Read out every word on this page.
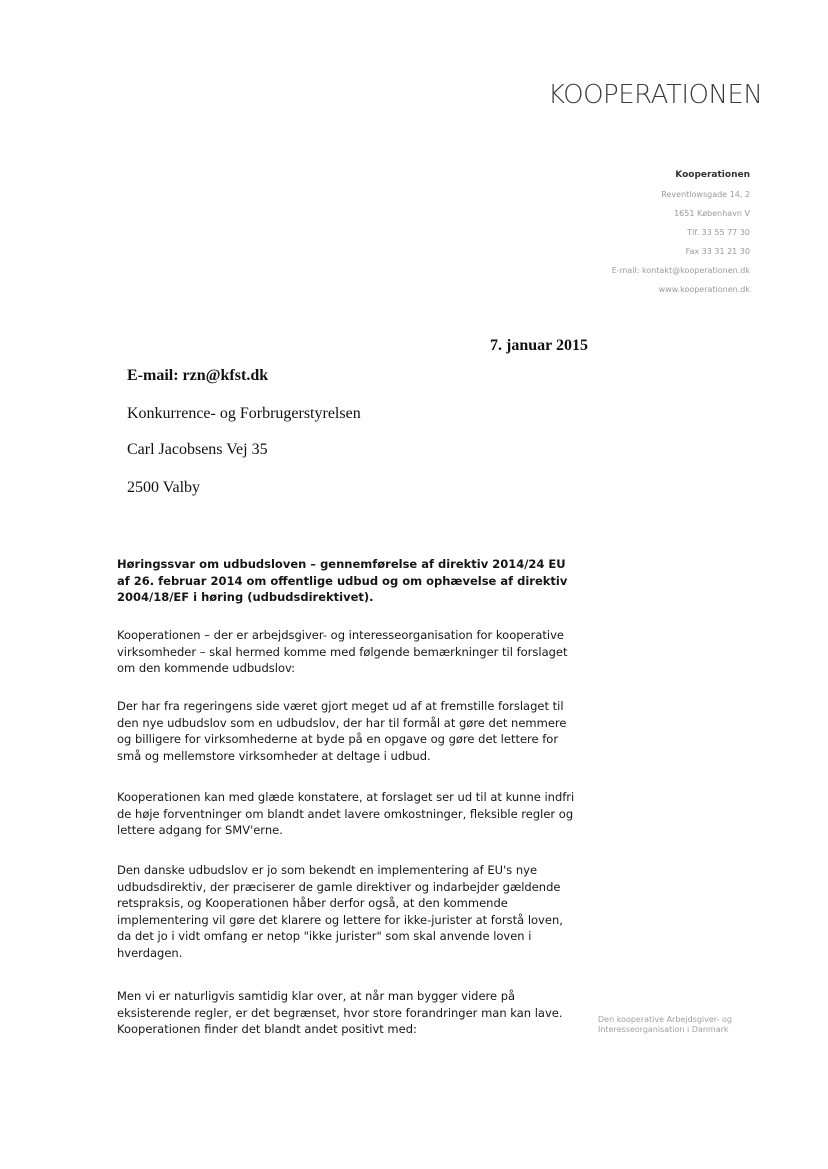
KOOPERATIONEN
Kooperationen
Reventlowsgade 14, 2
1651 København V
Tlf. 33 55 77 30
Fax 33 31 21 30
E-mail: kontakt@kooperationen.dk
www.kooperationen.dk
7. januar 2015
E-mail: rzn@kfst.dk
Konkurrence- og Forbrugerstyrelsen
Carl Jacobsens Vej 35
2500 Valby
Høringssvar om udbudsloven – gennemførelse af direktiv 2014/24 EU af 26. februar 2014 om offentlige udbud og om ophævelse af direktiv 2004/18/EF i høring (udbudsdirektivet).
Kooperationen – der er arbejdsgiver- og interesseorganisation for kooperative virksomheder – skal hermed komme med følgende bemærkninger til forslaget om den kommende udbudslov:
Der har fra regeringens side været gjort meget ud af at fremstille forslaget til den nye udbudslov som en udbudslov, der har til formål at gøre det nemmere og billigere for virksomhederne at byde på en opgave og gøre det lettere for små og mellemstore virksomheder at deltage i udbud.
Kooperationen kan med glæde konstatere, at forslaget ser ud til at kunne indfri de høje forventninger om blandt andet lavere omkostninger, fleksible regler og lettere adgang for SMV'erne.
Den danske udbudslov er jo som bekendt en implementering af EU's nye udbudsdirektiv, der præciserer de gamle direktiver og indarbejder gældende retspraksis, og Kooperationen håber derfor også, at den kommende implementering vil gøre det klarere og lettere for ikke-jurister at forstå loven, da det jo i vidt omfang er netop "ikke jurister" som skal anvende loven i hverdagen.
Men vi er naturligvis samtidig klar over, at når man bygger videre på eksisterende regler, er det begrænset, hvor store forandringer man kan lave. Kooperationen finder det blandt andet positivt med:
Den kooperative Arbejdsgiver- og Interesseorganisation i Danmark
